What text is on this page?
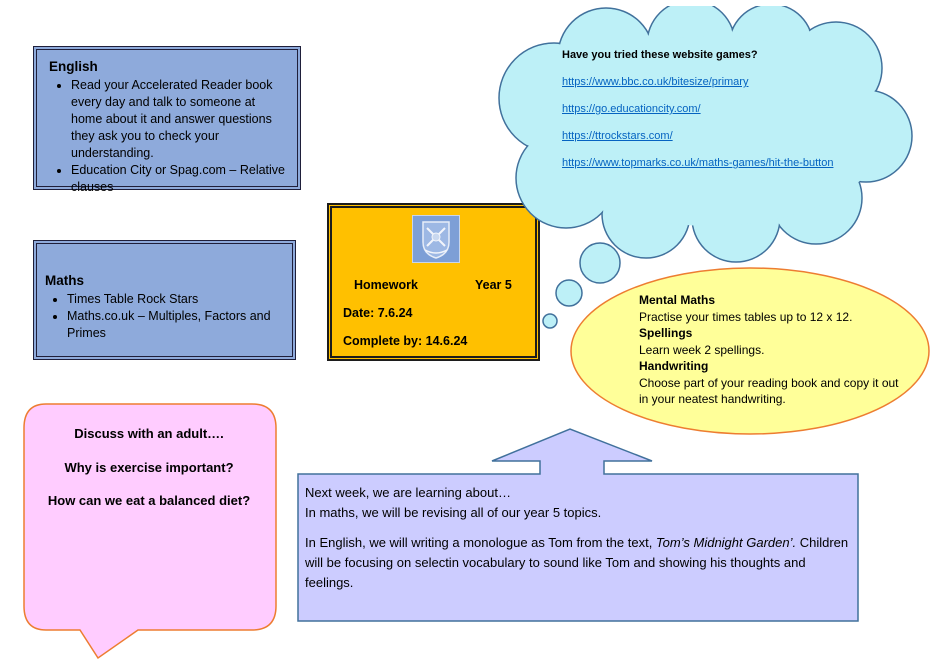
English
• Read your Accelerated Reader book every day and talk to someone at home about it and answer questions they ask you to check your understanding.
• Education City or Spag.com – Relative clauses
Maths
• Times Table Rock Stars
• Maths.co.uk – Multiples, Factors and Primes
Homework	Year 5
Date: 7.6.24
Complete by: 14.6.24
Have you tried these website games?
https://www.bbc.co.uk/bitesize/primary
https://go.educationcity.com/
https://ttrockstars.com/
https://www.topmarks.co.uk/maths-games/hit-the-button
Mental Maths
Practise your times tables up to 12 x 12.
Spellings
Learn week 2 spellings.
Handwriting
Choose part of your reading book and copy it out in your neatest handwriting.

Discuss with an adult….

Why is exercise important?

How can we eat a balanced diet?

Next week, we are learning about…
In maths, we will be revising all of our year 5 topics.

In English, we will writing a monologue as Tom from the text, Tom’s Midnight Garden’. Children will be focusing on selectin vocabulary to sound like Tom and showing his thoughts and feelings.
